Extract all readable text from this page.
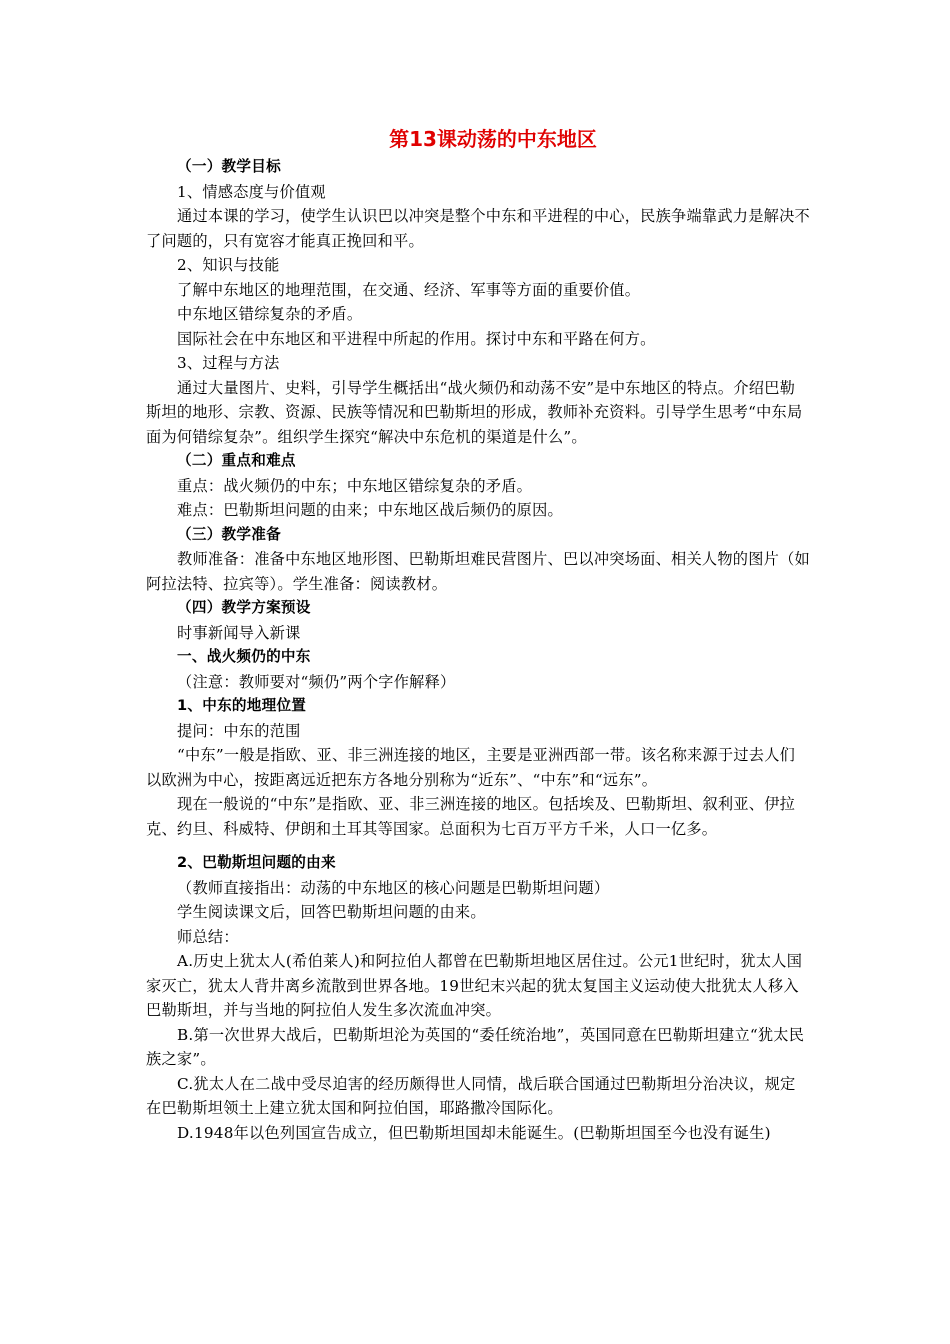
第13课动荡的中东地区

（一）教学目标

1、情感态度与价值观

通过本课的学习，使学生认识巴以冲突是整个中东和平进程的中心，民族争端靠武力是解决不了问题的，只有宽容才能真正挽回和平。

2、知识与技能

了解中东地区的地理范围，在交通、经济、军事等方面的重要价值。

中东地区错综复杂的矛盾。

国际社会在中东地区和平进程中所起的作用。探讨中东和平路在何方。

3、过程与方法

通过大量图片、史料，引导学生概括出“战火频仍和动荡不安”是中东地区的特点。介绍巴勒斯坦的地形、宗教、资源、民族等情况和巴勒斯坦的形成，教师补充资料。引导学生思考“中东局面为何错综复杂”。组织学生探究“解决中东危机的渠道是什么”。

（二）重点和难点

重点：战火频仍的中东；中东地区错综复杂的矛盾。

难点：巴勒斯坦问题的由来；中东地区战后频仍的原因。

（三）教学准备

教师准备：准备中东地区地形图、巴勒斯坦难民营图片、巴以冲突场面、相关人物的图片（如阿拉法特、拉宾等）。学生准备：阅读教材。

（四）教学方案预设

时事新闻导入新课

一、战火频仍的中东

（注意：教师要对“频仍”两个字作解释）

1、中东的地理位置

提问：中东的范围

“中东”一般是指欧、亚、非三洲连接的地区，主要是亚洲西部一带。该名称来源于过去人们以欧洲为中心，按距离远近把东方各地分别称为“近东”、“中东”和“远东”。

现在一般说的“中东”是指欧、亚、非三洲连接的地区。包括埃及、巴勒斯坦、叙利亚、伊拉克、约旦、科威特、伊朗和土耳其等国家。总面积为七百万平方千米，人口一亿多。

2、巴勒斯坦问题的由来

（教师直接指出：动荡的中东地区的核心问题是巴勒斯坦问题）

学生阅读课文后，回答巴勒斯坦问题的由来。

师总结：

A.历史上犹太人(希伯莱人)和阿拉伯人都曾在巴勒斯坦地区居住过。公元1世纪时，犹太人国家灭亡，犹太人背井离乡流散到世界各地。19世纪末兴起的犹太复国主义运动使大批犹太人移入巴勒斯坦，并与当地的阿拉伯人发生多次流血冲突。

B.第一次世界大战后，巴勒斯坦沦为英国的“委任统治地”，英国同意在巴勒斯坦建立“犹太民族之家”。

C.犹太人在二战中受尽迫害的经历颇得世人同情，战后联合国通过巴勒斯坦分治决议，规定在巴勒斯坦领土上建立犹太国和阿拉伯国，耶路撒冷国际化。

D.1948年以色列国宣告成立，但巴勒斯坦国却未能诞生。(巴勒斯坦国至今也没有诞生)
